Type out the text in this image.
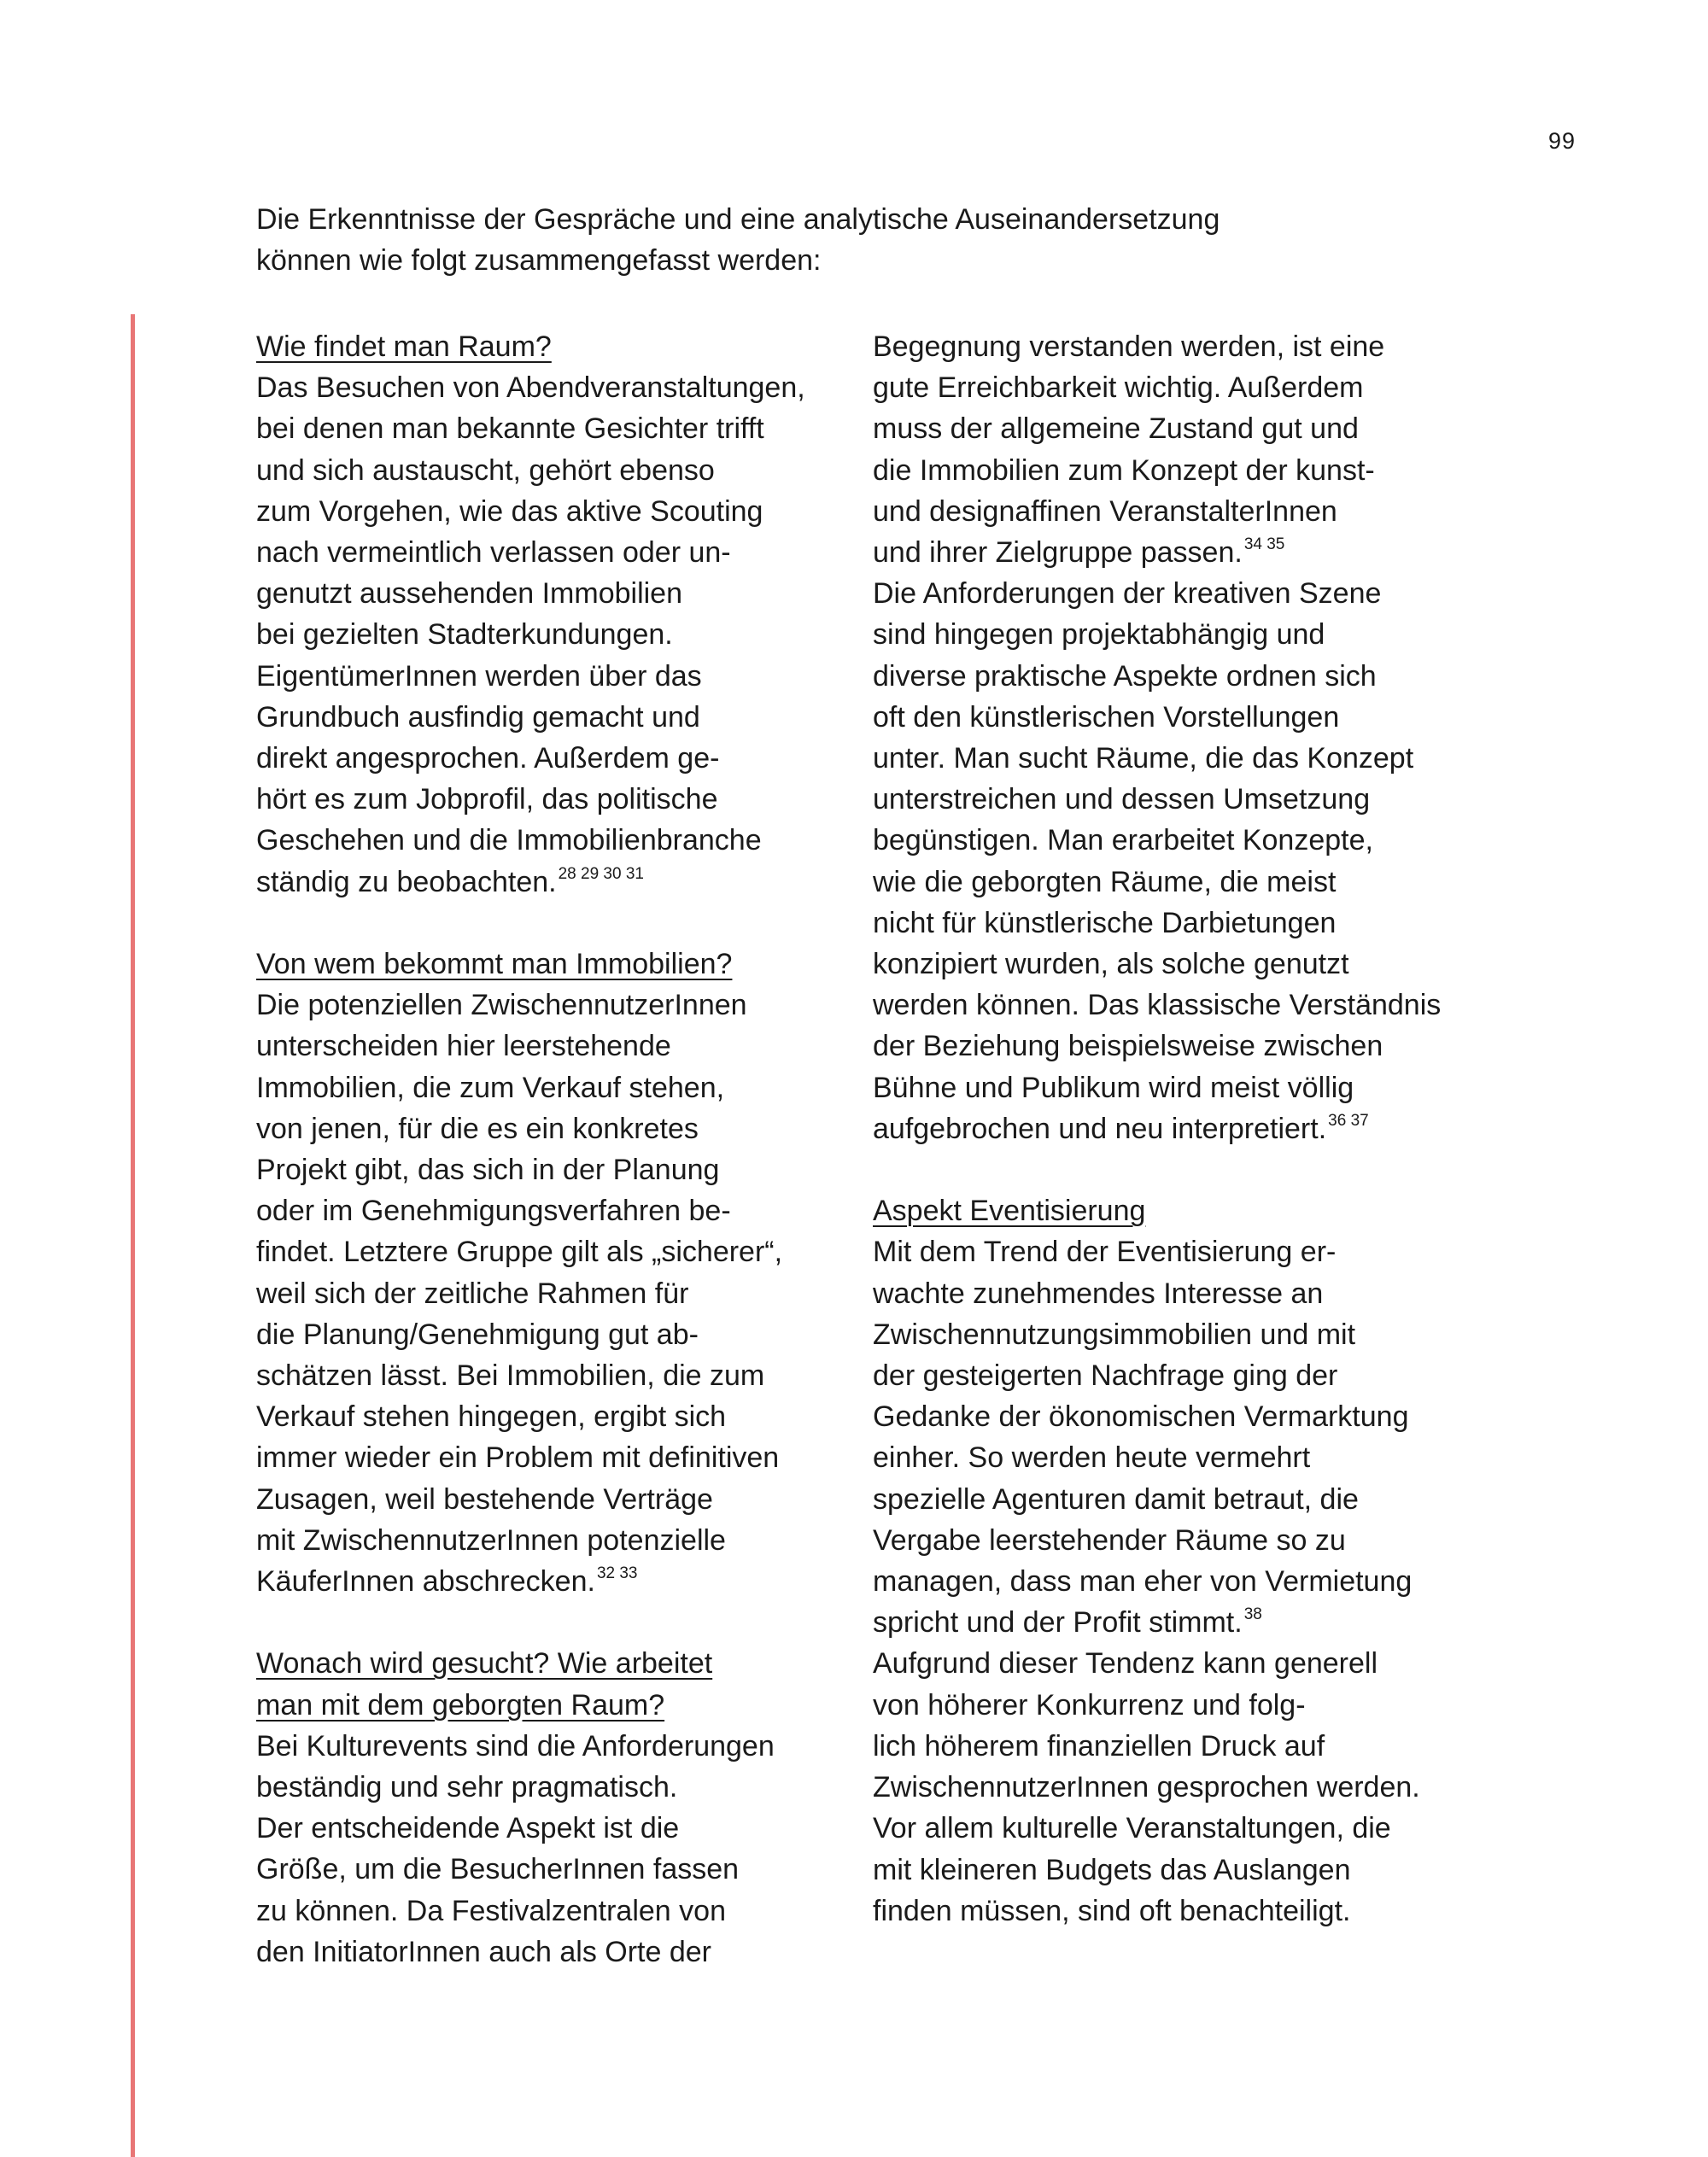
99
Die Erkenntnisse der Gespräche und eine analytische Auseinandersetzung
können wie folgt zusammengefasst werden:
Wie findet man Raum?
Das Besuchen von Abendveranstaltungen,
bei denen man bekannte Gesichter trifft
und sich austauscht, gehört ebenso
zum Vorgehen, wie das aktive Scouting
nach vermeintlich verlassen oder un-
genutzt aussehenden Immobilien
bei gezielten Stadterkundungen.
EigentümerInnen werden über das
Grundbuch ausfindig gemacht und
direkt angesprochen. Außerdem ge-
hört es zum Jobprofil, das politische
Geschehen und die Immobilienbranche
ständig zu beobachten. $^{28 29 30 31}$
Von wem bekommt man Immobilien?
Die potenziellen ZwischennutzerInnen
unterscheiden hier leerstehende
Immobilien, die zum Verkauf stehen,
von jenen, für die es ein konkretes
Projekt gibt, das sich in der Planung
oder im Genehmigungsverfahren be-
findet. Letztere Gruppe gilt als „sicherer“,
weil sich der zeitliche Rahmen für
die Planung/Genehmigung gut ab-
schätzen lässt. Bei Immobilien, die zum
Verkauf stehen hingegen, ergibt sich
immer wieder ein Problem mit definitiven
Zusagen, weil bestehende Verträge
mit ZwischennutzerInnen potenzielle
KäuferInnen abschrecken. $^{32 33}$
Wonach wird gesucht? Wie arbeitet
man mit dem geborgten Raum?
Bei Kulturevents sind die Anforderungen
beständig und sehr pragmatisch.
Der entscheidende Aspekt ist die
Größe, um die BesucherInnen fassen
zu können. Da Festivalzentralen von
den InitiatorInnen auch als Orte der
Begegnung verstanden werden, ist eine
gute Erreichbarkeit wichtig. Außerdem
muss der allgemeine Zustand gut und
die Immobilien zum Konzept der kunst-
und designaffinen VeranstalterInnen
und ihrer Zielgruppe passen. $^{34 35}$
Die Anforderungen der kreativen Szene
sind hingegen projektabhängig und
diverse praktische Aspekte ordnen sich
oft den künstlerischen Vorstellungen
unter. Man sucht Räume, die das Konzept
unterstreichen und dessen Umsetzung
begünstigen. Man erarbeitet Konzepte,
wie die geborgten Räume, die meist
nicht für künstlerische Darbietungen
konzipiert wurden, als solche genutzt
werden können. Das klassische Verständnis
der Beziehung beispielsweise zwischen
Bühne und Publikum wird meist völlig
aufgebrochen und neu interpretiert. $^{36 37}$
Aspekt Eventisierung
Mit dem Trend der Eventisierung er-
wachte zunehmendes Interesse an
Zwischennutzungsimmobilien und mit
der gesteigerten Nachfrage ging der
Gedanke der ökonomischen Vermarktung
einher. So werden heute vermehrt
spezielle Agenturen damit betraut, die
Vergabe leerstehender Räume so zu
managen, dass man eher von Vermietung
spricht und der Profit stimmt. $^{38}$
Aufgrund dieser Tendenz kann generell
von höherer Konkurrenz und folg-
lich höherem finanziellen Druck auf
ZwischennutzerInnen gesprochen werden.
Vor allem kulturelle Veranstaltungen, die
mit kleineren Budgets das Auslangen
finden müssen, sind oft benachteiligt.
